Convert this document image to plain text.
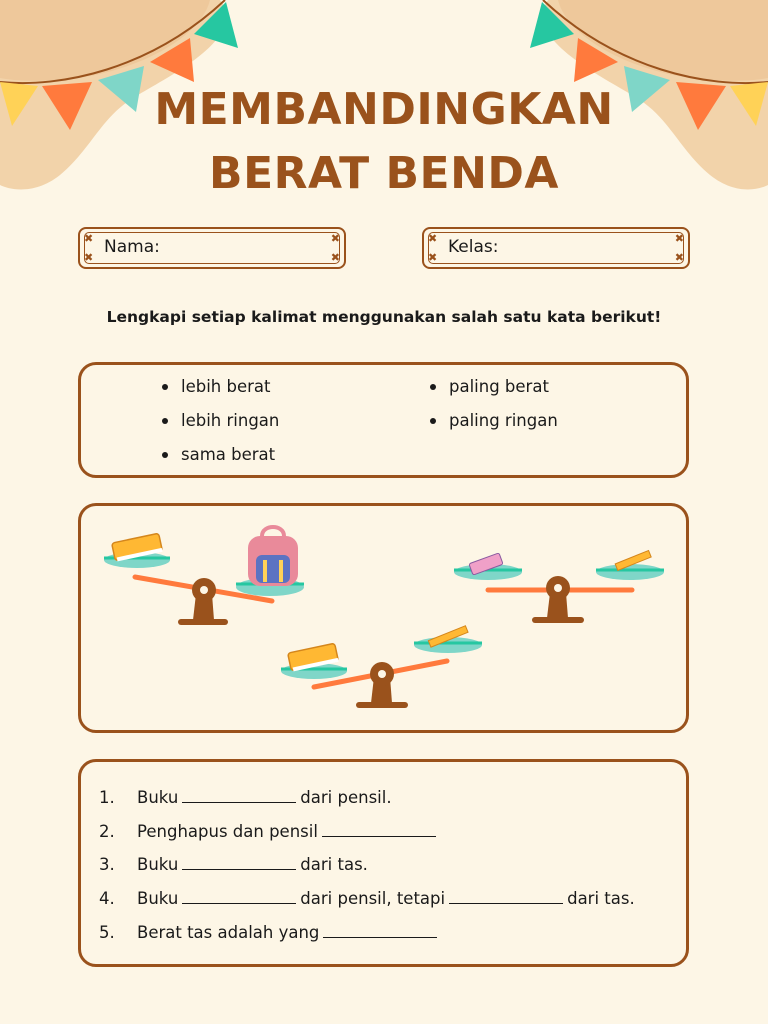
MEMBANDINGKAN
BERAT BENDA
✖	✖
✖	✖
Nama:	✖	✖
✖	✖
Kelas:
Lengkapi setiap kalimat menggunakan salah satu kata berikut!
lebih berat
lebih ringan
sama berat
paling berat
paling ringan
1. Buku	dari pensil.
2. Penghapus dan pensil
3. Buku	dari tas.
4. Buku	dari pensil, tetapi	dari tas.
5. Berat tas adalah yang
